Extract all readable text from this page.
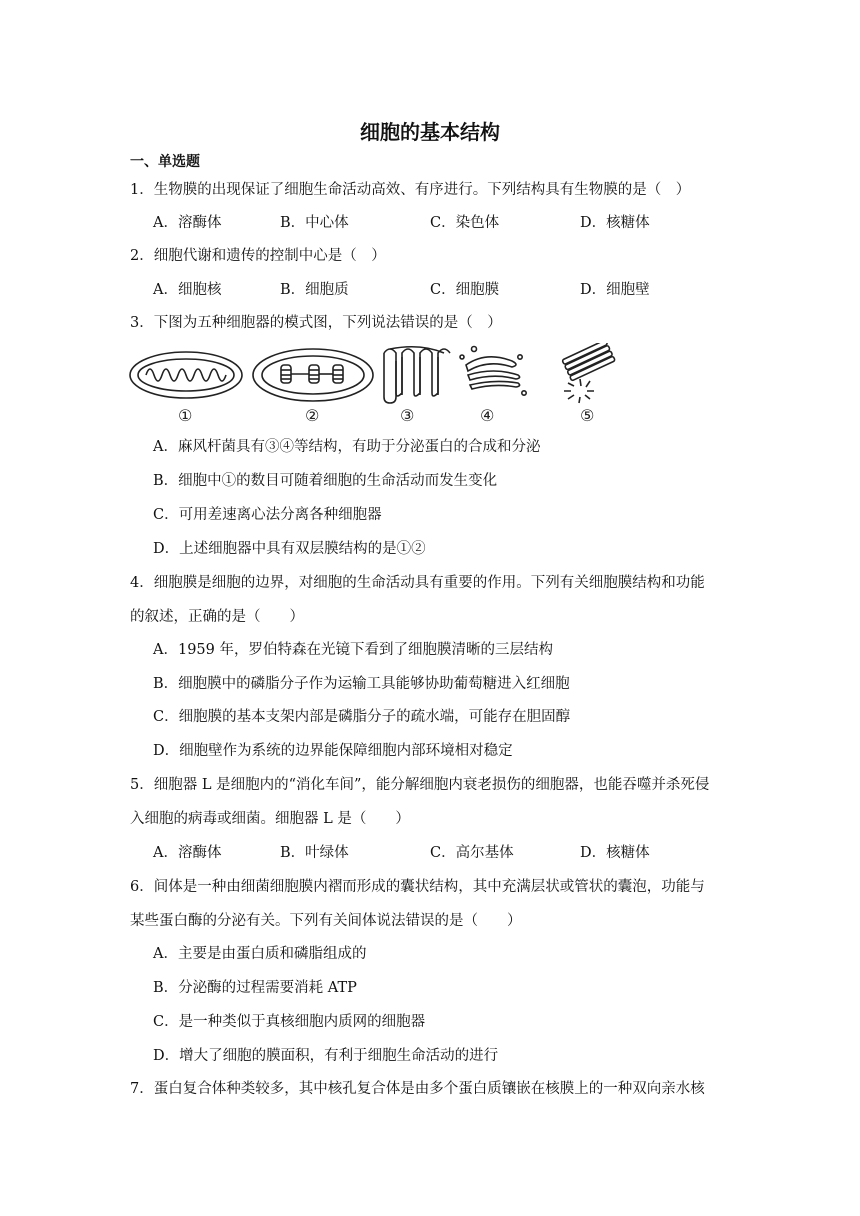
细胞的基本结构
一、单选题
1．生物膜的出现保证了细胞生命活动高效、有序进行。下列结构具有生物膜的是（　）
A．溶酶体	B．中心体	C．染色体	D．核糖体
2．细胞代谢和遗传的控制中心是（　）
A．细胞核	B．细胞质	C．细胞膜	D．细胞壁
3．下图为五种细胞器的模式图，下列说法错误的是（　）
①	②	③	④	⑤
A．麻风杆菌具有③④等结构，有助于分泌蛋白的合成和分泌
B．细胞中①的数目可随着细胞的生命活动而发生变化
C．可用差速离心法分离各种细胞器
D．上述细胞器中具有双层膜结构的是①②
4．细胞膜是细胞的边界，对细胞的生命活动具有重要的作用。下列有关细胞膜结构和功能
的叙述，正确的是（　　）
A．1959 年，罗伯特森在光镜下看到了细胞膜清晰的三层结构
B．细胞膜中的磷脂分子作为运输工具能够协助葡萄糖进入红细胞
C．细胞膜的基本支架内部是磷脂分子的疏水端，可能存在胆固醇
D．细胞壁作为系统的边界能保障细胞内部环境相对稳定
5．细胞器 L 是细胞内的“消化车间”，能分解细胞内衰老损伤的细胞器，也能吞噬并杀死侵
入细胞的病毒或细菌。细胞器 L 是（　　）
A．溶酶体	B．叶绿体	C．高尔基体	D．核糖体
6．间体是一种由细菌细胞膜内褶而形成的囊状结构，其中充满层状或管状的囊泡，功能与
某些蛋白酶的分泌有关。下列有关间体说法错误的是（　　）
A．主要是由蛋白质和磷脂组成的
B．分泌酶的过程需要消耗 ATP
C．是一种类似于真核细胞内质网的细胞器
D．增大了细胞的膜面积，有利于细胞生命活动的进行
7．蛋白复合体种类较多，其中核孔复合体是由多个蛋白质镶嵌在核膜上的一种双向亲水核
